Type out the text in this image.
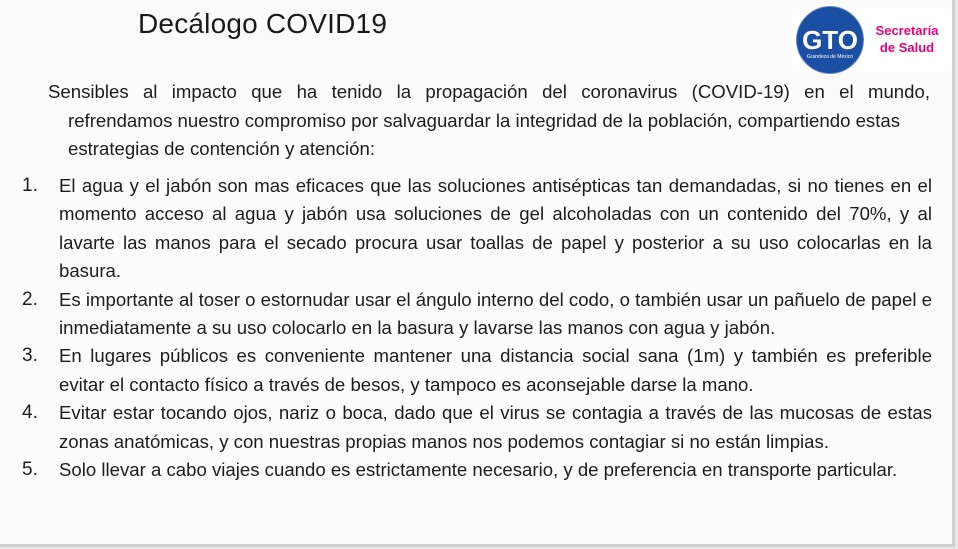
Decálogo COVID19
GTO
Grandeza de México
Secretaría
de Salud
Sensibles al impacto que ha tenido la propagación del coronavirus (COVID-19) en el mundo,
refrendamos nuestro compromiso por salvaguardar la integridad de la población, compartiendo estas estrategias de contención y atención:
1.	El agua y el jabón son mas eficaces que las soluciones antisépticas tan demandadas, si no tienes en el momento acceso al agua y jabón usa soluciones de gel alcoholadas con un contenido del 70%, y al lavarte las manos para el secado procura usar toallas de papel y posterior a su uso colocarlas en la basura.
2.	Es importante al toser o estornudar usar el ángulo interno del codo, o también usar un pañuelo de papel e inmediatamente a su uso colocarlo en la basura y lavarse las manos con agua y jabón.
3.	En lugares públicos es conveniente mantener una distancia social sana (1m) y también es preferible evitar el contacto físico a través de besos, y tampoco es aconsejable darse la mano.
4.	Evitar estar tocando ojos, nariz o boca, dado que el virus se contagia a través de las mucosas de estas zonas anatómicas, y con nuestras propias manos nos podemos contagiar si no están limpias.
5.	Solo llevar a cabo viajes cuando es estrictamente necesario, y de preferencia en transporte particular.
